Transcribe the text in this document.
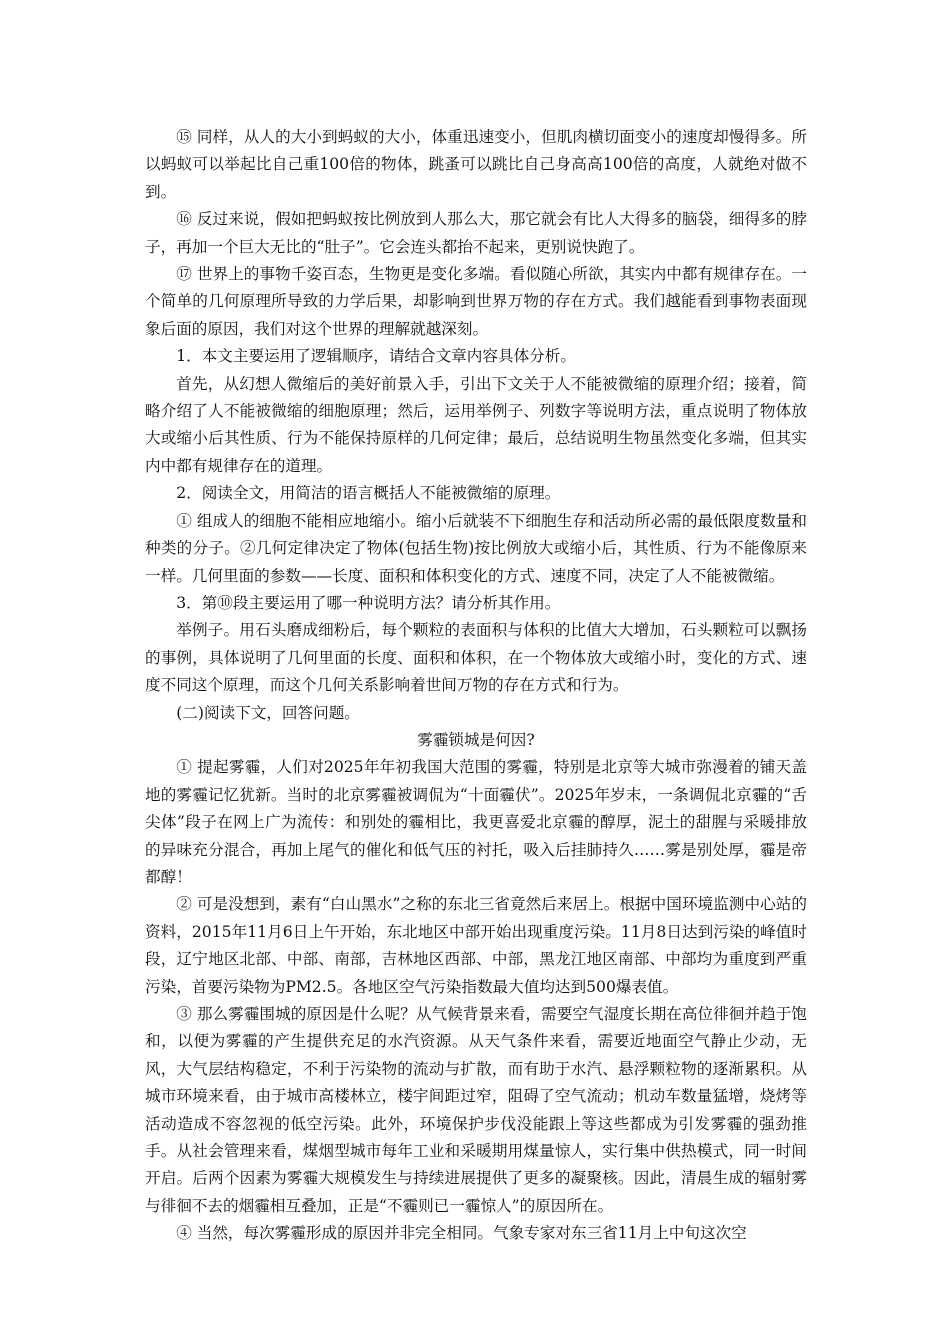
⑮ 同样，从人的大小到蚂蚁的大小，体重迅速变小，但肌肉横切面变小的速度却慢得多。所以蚂蚁可以举起比自己重100倍的物体，跳蚤可以跳比自己身高高100倍的高度，人就绝对做不到。

⑯ 反过来说，假如把蚂蚁按比例放到人那么大，那它就会有比人大得多的脑袋，细得多的脖子，再加一个巨大无比的“肚子”。它会连头都抬不起来，更别说快跑了。

⑰ 世界上的事物千姿百态，生物更是变化多端。看似随心所欲，其实内中都有规律存在。一个简单的几何原理所导致的力学后果，却影响到世界万物的存在方式。我们越能看到事物表面现象后面的原因，我们对这个世界的理解就越深刻。

1．本文主要运用了逻辑顺序，请结合文章内容具体分析。

首先，从幻想人微缩后的美好前景入手，引出下文关于人不能被微缩的原理介绍；接着，简略介绍了人不能被微缩的细胞原理；然后，运用举例子、列数字等说明方法，重点说明了物体放大或缩小后其性质、行为不能保持原样的几何定律；最后，总结说明生物虽然变化多端，但其实内中都有规律存在的道理。

2．阅读全文，用简洁的语言概括人不能被微缩的原理。

① 组成人的细胞不能相应地缩小。缩小后就装不下细胞生存和活动所必需的最低限度数量和种类的分子。②几何定律决定了物体(包括生物)按比例放大或缩小后，其性质、行为不能像原来一样。几何里面的参数——长度、面积和体积变化的方式、速度不同，决定了人不能被微缩。

3．第⑩段主要运用了哪一种说明方法？请分析其作用。

举例子。用石头磨成细粉后，每个颗粒的表面积与体积的比值大大增加，石头颗粒可以飘扬的事例，具体说明了几何里面的长度、面积和体积，在一个物体放大或缩小时，变化的方式、速度不同这个原理，而这个几何关系影响着世间万物的存在方式和行为。

(二)阅读下文，回答问题。

雾霾锁城是何因?

① 提起雾霾，人们对2025年年初我国大范围的雾霾，特别是北京等大城市弥漫着的铺天盖地的雾霾记忆犹新。当时的北京雾霾被调侃为“十面霾伏”。2025年岁末，一条调侃北京霾的“舌尖体”段子在网上广为流传：和别处的霾相比，我更喜爱北京霾的醇厚，泥土的甜腥与采暖排放的异味充分混合，再加上尾气的催化和低气压的衬托，吸入后挂肺持久……雾是别处厚，霾是帝都醇！

② 可是没想到，素有“白山黑水”之称的东北三省竟然后来居上。根据中国环境监测中心站的资料，2015年11月6日上午开始，东北地区中部开始出现重度污染。11月8日达到污染的峰值时段，辽宁地区北部、中部、南部，吉林地区西部、中部，黑龙江地区南部、中部均为重度到严重污染，首要污染物为PM2.5。各地区空气污染指数最大值均达到500爆表值。

③ 那么雾霾围城的原因是什么呢？从气候背景来看，需要空气湿度长期在高位徘徊并趋于饱和，以便为雾霾的产生提供充足的水汽资源。从天气条件来看，需要近地面空气静止少动，无风，大气层结构稳定，不利于污染物的流动与扩散，而有助于水汽、悬浮颗粒物的逐渐累积。从城市环境来看，由于城市高楼林立，楼宇间距过窄，阻碍了空气流动；机动车数量猛增，烧烤等活动造成不容忽视的低空污染。此外，环境保护步伐没能跟上等这些都成为引发雾霾的强劲推手。从社会管理来看，煤烟型城市每年工业和采暖期用煤量惊人，实行集中供热模式，同一时间开启。后两个因素为雾霾大规模发生与持续进展提供了更多的凝聚核。因此，清晨生成的辐射雾与徘徊不去的烟霾相互叠加，正是“不霾则已一霾惊人”的原因所在。

④ 当然，每次雾霾形成的原因并非完全相同。气象专家对东三省11月上中旬这次空
